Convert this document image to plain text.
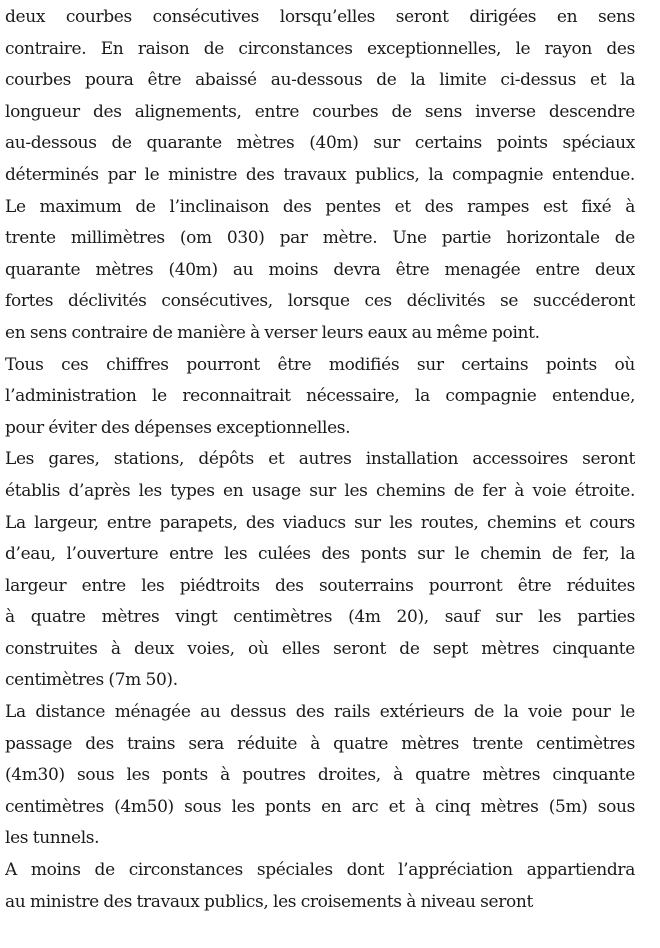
deux courbes consécutives lorsqu’elles seront dirigées en sens
contraire. En raison de circonstances exceptionnelles, le rayon des
courbes poura être abaissé au-dessous de la limite ci-dessus et la
longueur des alignements, entre courbes de sens inverse descendre
au-dessous de quarante mètres (40m) sur certains points spéciaux
déterminés par le ministre des travaux publics, la compagnie entendue.
Le maximum de l’inclinaison des pentes et des rampes est fixé à
trente millimètres (om 030) par mètre. Une partie horizontale de
quarante mètres (40m) au moins devra être menagée entre deux
fortes déclivités consécutives, lorsque ces déclivités se succéderont
en sens contraire de manière à verser leurs eaux au même point.
Tous ces chiffres pourront être modifiés sur certains points où
l’administration le reconnaitrait nécessaire, la compagnie entendue,
pour éviter des dépenses exceptionnelles.
Les gares, stations, dépôts et autres installation accessoires seront
établis d’après les types en usage sur les chemins de fer à voie étroite.
La largeur, entre parapets, des viaducs sur les routes, chemins et cours
d’eau, l’ouverture entre les culées des ponts sur le chemin de fer, la
largeur entre les piédtroits des souterrains pourront être réduites
à quatre mètres vingt centimètres (4m 20), sauf sur les parties
construites à deux voies, où elles seront de sept mètres cinquante
centimètres (7m 50).
La distance ménagée au dessus des rails extérieurs de la voie pour le
passage des trains sera réduite à quatre mètres trente centimètres
(4m30) sous les ponts à poutres droites, à quatre mètres cinquante
centimètres (4m50) sous les ponts en arc et à cinq mètres (5m) sous
les tunnels.
A moins de circonstances spéciales dont l’appréciation appartiendra
au ministre des travaux publics, les croisements à niveau seront
